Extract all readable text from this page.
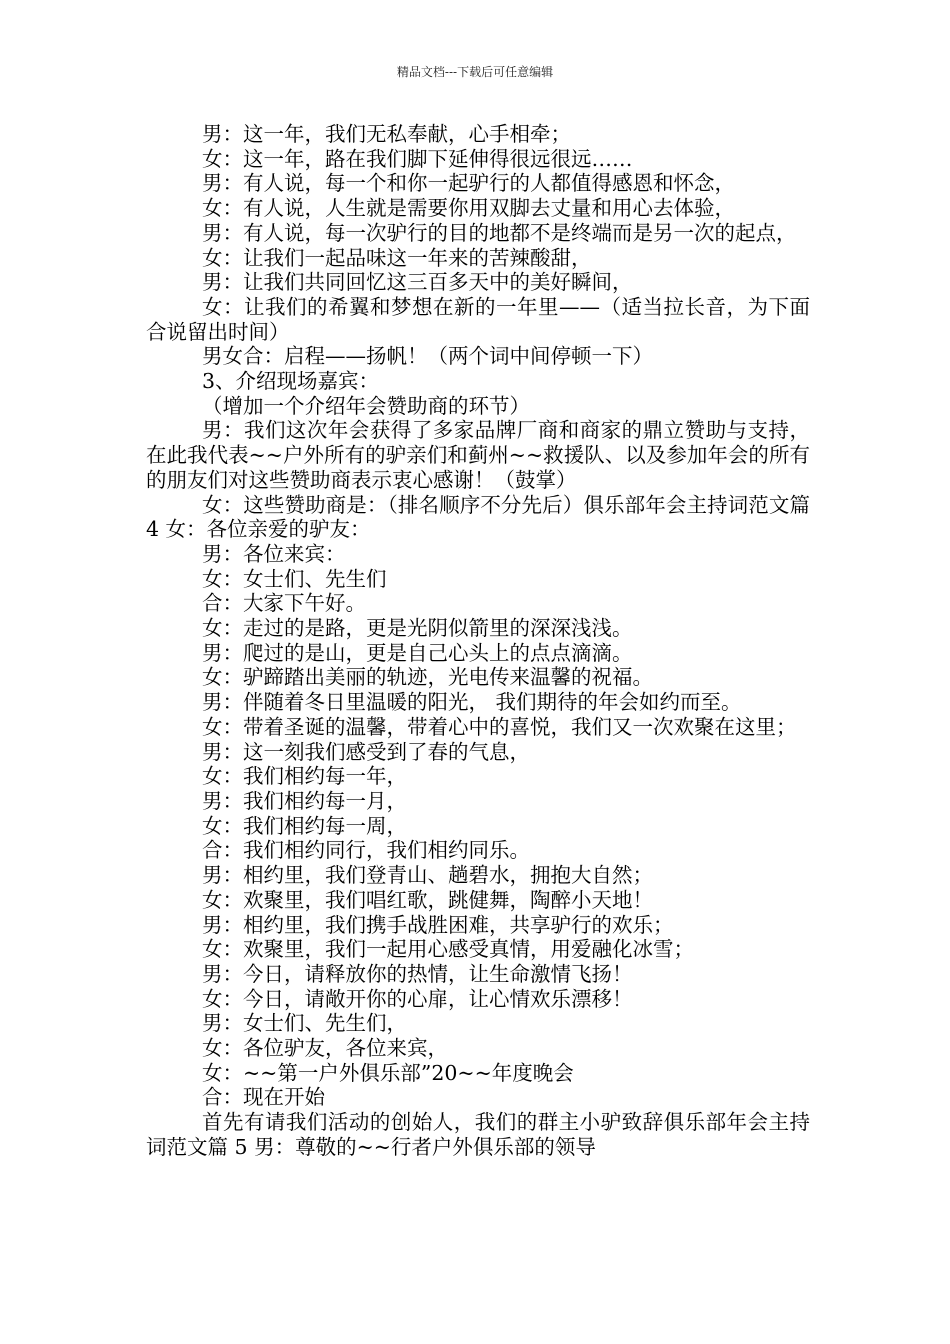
精品文档---下载后可任意编辑

男：这一年，我们无私奉献，心手相牵；

女：这一年，路在我们脚下延伸得很远很远……

男：有人说，每一个和你一起驴行的人都值得感恩和怀念，

女：有人说，人生就是需要你用双脚去丈量和用心去体验，

男：有人说，每一次驴行的目的地都不是终端而是另一次的起点，

女：让我们一起品味这一年来的苦辣酸甜，

男：让我们共同回忆这三百多天中的美好瞬间，

女：让我们的希翼和梦想在新的一年里——（适当拉长音，为下面合说留出时间）

男女合：启程——扬帆！（两个词中间停顿一下）

3、介绍现场嘉宾：

（增加一个介绍年会赞助商的环节）

男：我们这次年会获得了多家品牌厂商和商家的鼎立赞助与支持，在此我代表~~户外所有的驴亲们和蓟州~~救援队、以及参加年会的所有的朋友们对这些赞助商表示衷心感谢！（鼓掌）

女：这些赞助商是：（排名顺序不分先后）俱乐部年会主持词范文篇 4 女：各位亲爱的驴友：

男：各位来宾：

女：女士们、先生们

合：大家下午好。

女：走过的是路，更是光阴似箭里的深深浅浅。

男：爬过的是山，更是自己心头上的点点滴滴。

女：驴蹄踏出美丽的轨迹，光电传来温馨的祝福。

男：伴随着冬日里温暖的阳光， 我们期待的年会如约而至。

女：带着圣诞的温馨，带着心中的喜悦，我们又一次欢聚在这里；

男：这一刻我们感受到了春的气息，

女：我们相约每一年，

男：我们相约每一月，

女：我们相约每一周，

合：我们相约同行，我们相约同乐。

男：相约里，我们登青山、趟碧水，拥抱大自然；

女：欢聚里，我们唱红歌，跳健舞，陶醉小天地！

男：相约里，我们携手战胜困难，共享驴行的欢乐；

女：欢聚里，我们一起用心感受真情，用爱融化冰雪；

男：今日，请释放你的热情，让生命激情飞扬！

女：今日，请敞开你的心扉，让心情欢乐漂移！

男：女士们、先生们，

女：各位驴友，各位来宾，

女：~~第一户外俱乐部”20~~年度晚会

合：现在开始

首先有请我们活动的创始人，我们的群主小驴致辞俱乐部年会主持词范文篇 5 男：尊敬的~~行者户外俱乐部的领导
